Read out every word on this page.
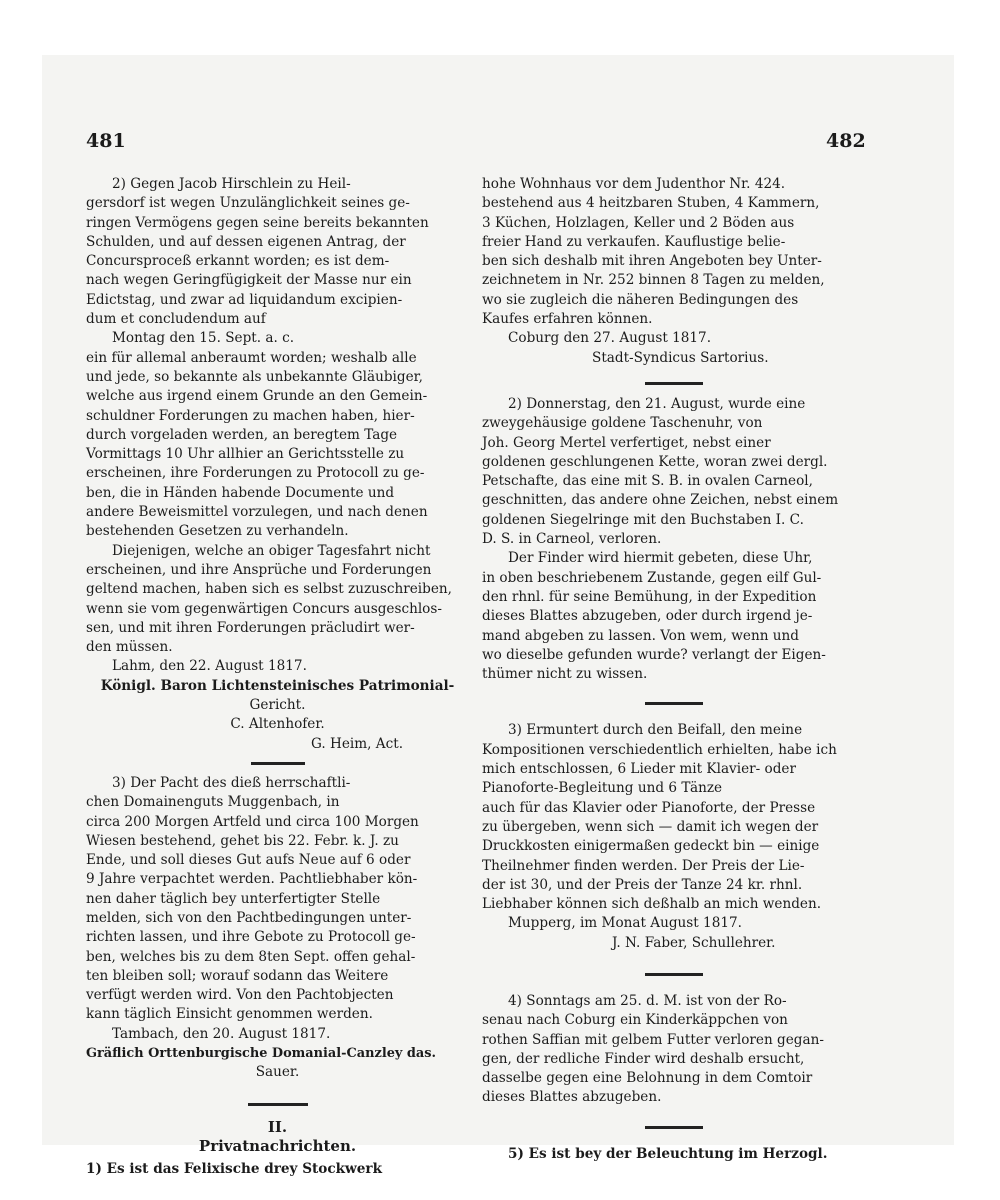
481	482

2) Gegen Jacob Hirschlein zu Heil-

gersdorf ist wegen Unzulänglichkeit seines ge-

ringen Vermögens gegen seine bereits bekannten

Schulden, und auf dessen eigenen Antrag, der

Concursproceß erkannt worden; es ist dem-

nach wegen Geringfügigkeit der Masse nur ein

Edictstag, und zwar ad liquidandum excipien-

dum et concludendum auf

Montag den 15. Sept. a. c.

ein für allemal anberaumt worden; weshalb alle

und jede, so bekannte als unbekannte Gläubiger,

welche aus irgend einem Grunde an den Gemein-

schuldner Forderungen zu machen haben, hier-

durch vorgeladen werden, an beregtem Tage

Vormittags 10 Uhr allhier an Gerichtsstelle zu

erscheinen, ihre Forderungen zu Protocoll zu ge-

ben, die in Händen habende Documente und

andere Beweismittel vorzulegen, und nach denen

bestehenden Gesetzen zu verhandeln.

Diejenigen, welche an obiger Tagesfahrt nicht

erscheinen, und ihre Ansprüche und Forderungen

geltend machen, haben sich es selbst zuzuschreiben,

wenn sie vom gegenwärtigen Concurs ausgeschlos-

sen, und mit ihren Forderungen präcludirt wer-

den müssen.

Lahm, den 22. August 1817.

Königl. Baron Lichtensteinisches Patrimonial-

Gericht.

C. Altenhofer.

G. Heim, Act.

3) Der Pacht des dieß herrschaftli-

chen Domainenguts Muggenbach, in

circa 200 Morgen Artfeld und circa 100 Morgen

Wiesen bestehend, gehet bis 22. Febr. k. J. zu

Ende, und soll dieses Gut aufs Neue auf 6 oder

9 Jahre verpachtet werden. Pachtliebhaber kön-

nen daher täglich bey unterfertigter Stelle

melden, sich von den Pachtbedingungen unter-

richten lassen, und ihre Gebote zu Protocoll ge-

ben, welches bis zu dem 8ten Sept. offen gehal-

ten bleiben soll; worauf sodann das Weitere

verfügt werden wird. Von den Pachtobjecten

kann täglich Einsicht genommen werden.

Tambach, den 20. August 1817.

Gräflich Orttenburgische Domanial-Canzley das.

Sauer.

II.

Privatnachrichten.

1) Es ist das Felixische drey Stockwerk

hohe Wohnhaus vor dem Judenthor Nr. 424.

bestehend aus 4 heitzbaren Stuben, 4 Kammern,

3 Küchen, Holzlagen, Keller und 2 Böden aus

freier Hand zu verkaufen. Kauflustige belie-

ben sich deshalb mit ihren Angeboten bey Unter-

zeichnetem in Nr. 252 binnen 8 Tagen zu melden,

wo sie zugleich die näheren Bedingungen des

Kaufes erfahren können.

Coburg den 27. August 1817.

Stadt-Syndicus Sartorius.

2) Donnerstag, den 21. August, wurde eine

zweygehäusige goldene Taschenuhr, von

Joh. Georg Mertel verfertiget, nebst einer

goldenen geschlungenen Kette, woran zwei dergl.

Petschafte, das eine mit S. B. in ovalen Carneol,

geschnitten, das andere ohne Zeichen, nebst einem

goldenen Siegelringe mit den Buchstaben I. C.

D. S. in Carneol, verloren.

Der Finder wird hiermit gebeten, diese Uhr,

in oben beschriebenem Zustande, gegen eilf Gul-

den rhnl. für seine Bemühung, in der Expedition

dieses Blattes abzugeben, oder durch irgend je-

mand abgeben zu lassen. Von wem, wenn und

wo dieselbe gefunden wurde? verlangt der Eigen-

thümer nicht zu wissen.

3) Ermuntert durch den Beifall, den meine

Kompositionen verschiedentlich erhielten, habe ich

mich entschlossen, 6 Lieder mit Klavier- oder

Pianoforte-Begleitung und 6 Tänze

auch für das Klavier oder Pianoforte, der Presse

zu übergeben, wenn sich — damit ich wegen der

Druckkosten einigermaßen gedeckt bin — einige

Theilnehmer finden werden. Der Preis der Lie-

der ist 30, und der Preis der Tanze 24 kr. rhnl.

Liebhaber können sich deßhalb an mich wenden.

Mupperg, im Monat August 1817.

J. N. Faber, Schullehrer.

4) Sonntags am 25. d. M. ist von der Ro-

senau nach Coburg ein Kinderkäppchen von

rothen Saffian mit gelbem Futter verloren gegan-

gen, der redliche Finder wird deshalb ersucht,

dasselbe gegen eine Belohnung in dem Comtoir

dieses Blattes abzugeben.

5) Es ist bey der Beleuchtung im Herzogl.
